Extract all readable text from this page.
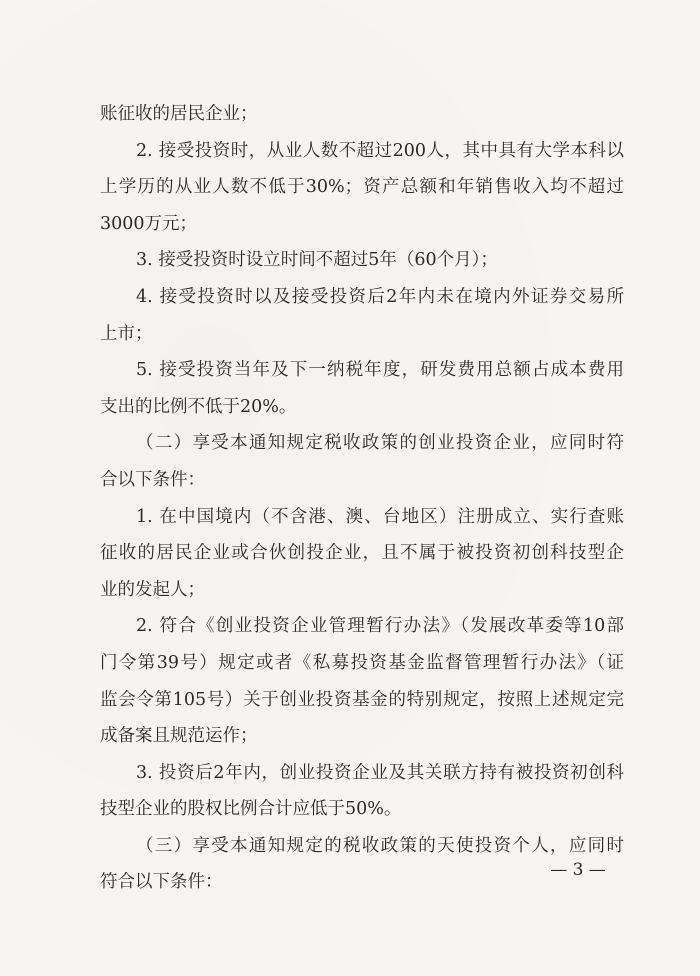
账征收的居民企业；
2. 接受投资时，从业人数不超过200人，其中具有大学本科以
上学历的从业人数不低于30%；资产总额和年销售收入均不超过
3000万元；
3. 接受投资时设立时间不超过5年（60个月）；
4. 接受投资时以及接受投资后2年内未在境内外证券交易所
上市；
5. 接受投资当年及下一纳税年度，研发费用总额占成本费用
支出的比例不低于20%。
（二）享受本通知规定税收政策的创业投资企业，应同时符
合以下条件：
1. 在中国境内（不含港、澳、台地区）注册成立、实行查账
征收的居民企业或合伙创投企业，且不属于被投资初创科技型企
业的发起人；
2. 符合《创业投资企业管理暂行办法》（发展改革委等10部
门令第39号）规定或者《私募投资基金监督管理暂行办法》（证
监会令第105号）关于创业投资基金的特别规定，按照上述规定完
成备案且规范运作；
3. 投资后2年内，创业投资企业及其关联方持有被投资初创科
技型企业的股权比例合计应低于50%。
（三）享受本通知规定的税收政策的天使投资个人，应同时
符合以下条件：
— 3 —
